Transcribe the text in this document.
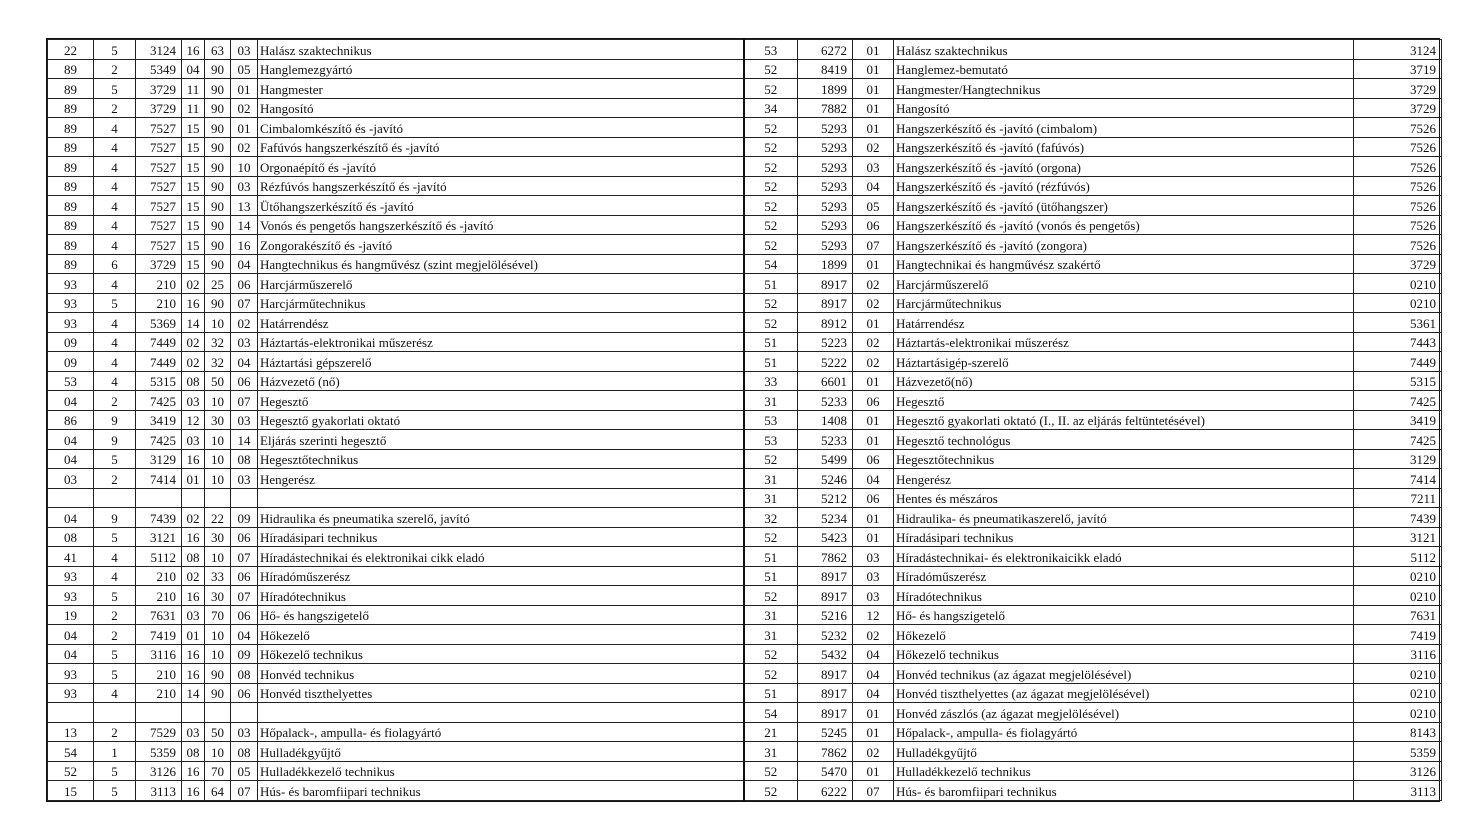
22	5	3124	16	63	03	Halász szaktechnikus	53	6272	01	Halász szaktechnikus	3124
89	2	5349	04	90	05	Hanglemezgyártó	52	8419	01	Hanglemez-bemutató	3719
89	5	3729	11	90	01	Hangmester	52	1899	01	Hangmester/Hangtechnikus	3729
89	2	3729	11	90	02	Hangosító	34	7882	01	Hangosító	3729
89	4	7527	15	90	01	Cimbalomkészítő és -javító	52	5293	01	Hangszerkészítő és -javító (cimbalom)	7526
89	4	7527	15	90	02	Fafúvós hangszerkészítő és -javító	52	5293	02	Hangszerkészítő és -javító (fafúvós)	7526
89	4	7527	15	90	10	Orgonaépítő és -javító	52	5293	03	Hangszerkészítő és -javító (orgona)	7526
89	4	7527	15	90	03	Rézfúvós hangszerkészítő és -javító	52	5293	04	Hangszerkészítő és -javító (rézfúvós)	7526
89	4	7527	15	90	13	Ütőhangszerkészítő és -javító	52	5293	05	Hangszerkészítő és -javító (ütőhangszer)	7526
89	4	7527	15	90	14	Vonós és pengetős hangszerkészítő és -javító	52	5293	06	Hangszerkészítő és -javító (vonós és pengetős)	7526
89	4	7527	15	90	16	Zongorakészítő és -javító	52	5293	07	Hangszerkészítő és -javító (zongora)	7526
89	6	3729	15	90	04	Hangtechnikus és hangművész (szint megjelölésével)	54	1899	01	Hangtechnikai és hangművész szakértő	3729
93	4	210	02	25	06	Harcjárműszerelő	51	8917	02	Harcjárműszerelő	0210
93	5	210	16	90	07	Harcjárműtechnikus	52	8917	02	Harcjárműtechnikus	0210
93	4	5369	14	10	02	Határrendész	52	8912	01	Határrendész	5361
09	4	7449	02	32	03	Háztartás-elektronikai műszerész	51	5223	02	Háztartás-elektronikai műszerész	7443
09	4	7449	02	32	04	Háztartási gépszerelő	51	5222	02	Háztartásigép-szerelő	7449
53	4	5315	08	50	06	Házvezető (nő)	33	6601	01	Házvezető(nő)	5315
04	2	7425	03	10	07	Hegesztő	31	5233	06	Hegesztő	7425
86	9	3419	12	30	03	Hegesztő gyakorlati oktató	53	1408	01	Hegesztő gyakorlati oktató (I., II. az eljárás feltüntetésével)	3419
04	9	7425	03	10	14	Eljárás szerinti hegesztő	53	5233	01	Hegesztő technológus	7425
04	5	3129	16	10	08	Hegesztőtechnikus	52	5499	06	Hegesztőtechnikus	3129
03	2	7414	01	10	03	Hengerész	31	5246	04	Hengerész	7414
							31	5212	06	Hentes és mészáros	7211
04	9	7439	02	22	09	Hidraulika és pneumatika szerelő, javító	32	5234	01	Hidraulika- és pneumatikaszerelő, javító	7439
08	5	3121	16	30	06	Híradásipari technikus	52	5423	01	Híradásipari technikus	3121
41	4	5112	08	10	07	Híradástechnikai és elektronikai cikk eladó	51	7862	03	Híradástechnikai- és elektronikaicikk eladó	5112
93	4	210	02	33	06	Híradóműszerész	51	8917	03	Híradóműszerész	0210
93	5	210	16	30	07	Híradótechnikus	52	8917	03	Híradótechnikus	0210
19	2	7631	03	70	06	Hő- és hangszigetelő	31	5216	12	Hő- és hangszigetelő	7631
04	2	7419	01	10	04	Hőkezelő	31	5232	02	Hőkezelő	7419
04	5	3116	16	10	09	Hőkezelő technikus	52	5432	04	Hőkezelő technikus	3116
93	5	210	16	90	08	Honvéd technikus	52	8917	04	Honvéd technikus (az ágazat megjelölésével)	0210
93	4	210	14	90	06	Honvéd tiszthelyettes	51	8917	04	Honvéd tiszthelyettes (az ágazat megjelölésével)	0210
							54	8917	01	Honvéd zászlós (az ágazat megjelölésével)	0210
13	2	7529	03	50	03	Hőpalack-, ampulla- és fiolagyártó	21	5245	01	Hőpalack-, ampulla- és fiolagyártó	8143
54	1	5359	08	10	08	Hulladékgyűjtő	31	7862	02	Hulladékgyűjtő	5359
52	5	3126	16	70	05	Hulladékkezelő technikus	52	5470	01	Hulladékkezelő technikus	3126
15	5	3113	16	64	07	Hús- és baromfiipari technikus	52	6222	07	Hús- és baromfiipari technikus	3113
